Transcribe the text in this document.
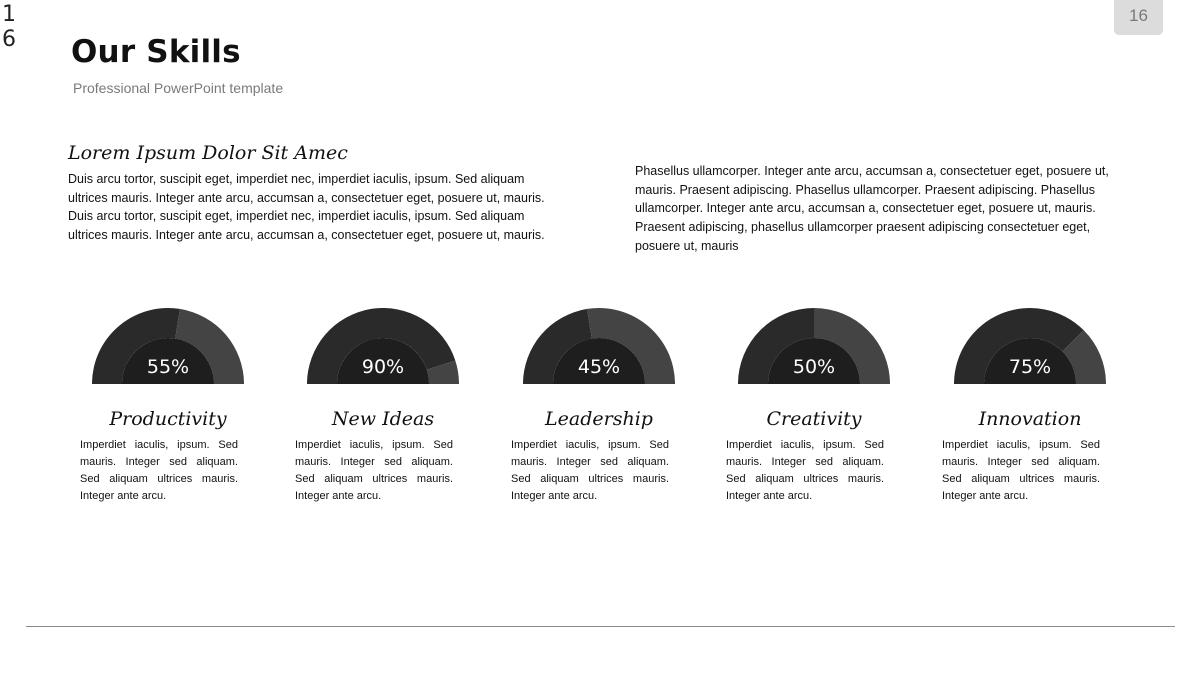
16
16
Our Skills
Professional PowerPoint template
Lorem Ipsum Dolor Sit Amec
Duis arcu tortor, suscipit eget, imperdiet nec, imperdiet iaculis, ipsum. Sed aliquam ultrices mauris. Integer ante arcu, accumsan a, consectetuer eget, posuere ut, mauris. Duis arcu tortor, suscipit eget, imperdiet nec, imperdiet iaculis, ipsum. Sed aliquam ultrices mauris. Integer ante arcu, accumsan a, consectetuer eget, posuere ut, mauris.
Phasellus ullamcorper. Integer ante arcu, accumsan a, consectetuer eget, posuere ut, mauris. Praesent adipiscing. Phasellus ullamcorper. Praesent adipiscing. Phasellus ullamcorper. Integer ante arcu, accumsan a, consectetuer eget, posuere ut, mauris. Praesent adipiscing, phasellus ullamcorper praesent adipiscing consectetuer eget, posuere ut, mauris
55%
Productivity
Imperdiet iaculis, ipsum. Sed mauris. Integer sed aliquam. Sed aliquam ultrices mauris. Integer ante arcu.
90%
New Ideas
Imperdiet iaculis, ipsum. Sed mauris. Integer sed aliquam. Sed aliquam ultrices mauris. Integer ante arcu.
45%
Leadership
Imperdiet iaculis, ipsum. Sed mauris. Integer sed aliquam. Sed aliquam ultrices mauris. Integer ante arcu.
50%
Creativity
Imperdiet iaculis, ipsum. Sed mauris. Integer sed aliquam. Sed aliquam ultrices mauris. Integer ante arcu.
75%
Innovation
Imperdiet iaculis, ipsum. Sed mauris. Integer sed aliquam. Sed aliquam ultrices mauris. Integer ante arcu.
